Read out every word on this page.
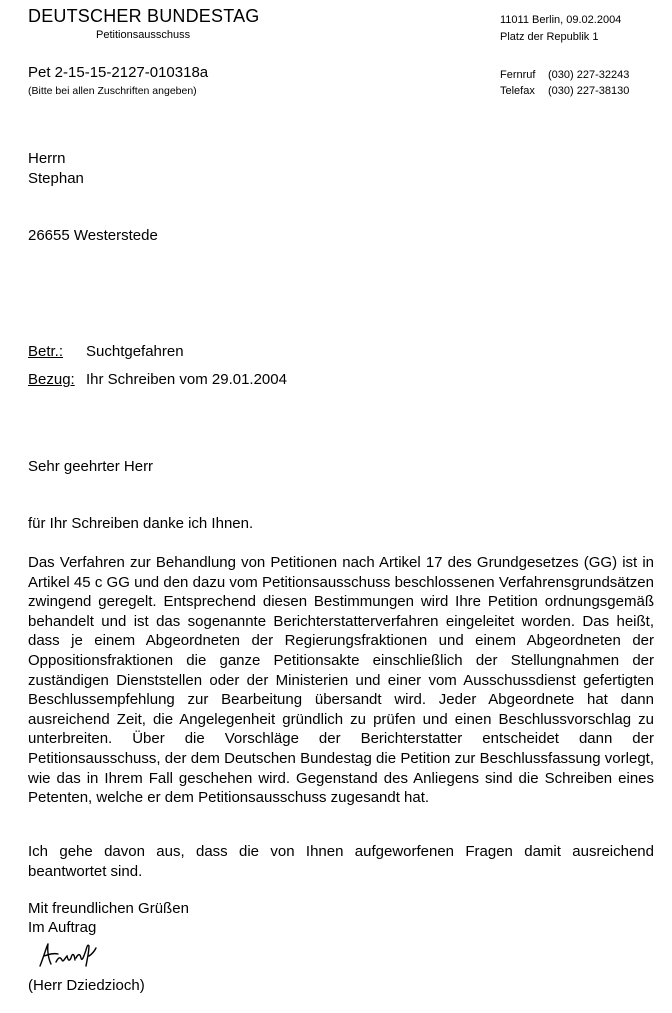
DEUTSCHER BUNDESTAG
Petitionsausschuss
Pet 2-15-15-2127-010318a
(Bitte bei allen Zuschriften angeben)
11011 Berlin, 09.02.2004
Platz der Republik 1
Fernruf (030) 227-32243
Telefax (030) 227-38130
Herrn
Stephan
26655 Westerstede
Betr.: Suchtgefahren
Bezug: Ihr Schreiben vom 29.01.2004
Sehr geehrter Herr
für Ihr Schreiben danke ich Ihnen.
Das Verfahren zur Behandlung von Petitionen nach Artikel 17 des Grundgesetzes (GG) ist in Artikel 45 c GG und den dazu vom Petitionsausschuss beschlossenen Verfahrensgrundsätzen zwingend geregelt. Entsprechend diesen Bestimmungen wird Ihre Petition ordnungsgemäß behandelt und ist das sogenannte Berichterstatterverfahren eingeleitet worden. Das heißt, dass je einem Abgeordneten der Regierungsfraktionen und einem Abgeordneten der Oppositionsfraktionen die ganze Petitionsakte einschließlich der Stellungnahmen der zuständigen Dienststellen oder der Ministerien und einer vom Ausschussdienst gefertigten Beschlussempfehlung zur Bearbeitung übersandt wird. Jeder Abgeordnete hat dann ausreichend Zeit, die Angelegenheit gründlich zu prüfen und einen Beschlussvorschlag zu unterbreiten. Über die Vorschläge der Berichterstatter entscheidet dann der Petitionsausschuss, der dem Deutschen Bundestag die Petition zur Beschlussfassung vorlegt, wie das in Ihrem Fall geschehen wird. Gegenstand des Anliegens sind die Schreiben eines Petenten, welche er dem Petitionsausschuss zugesandt hat.
Ich gehe davon aus, dass die von Ihnen aufgeworfenen Fragen damit ausreichend beantwortet sind.
Mit freundlichen Grüßen
Im Auftrag
(Herr Dziedzioch)
